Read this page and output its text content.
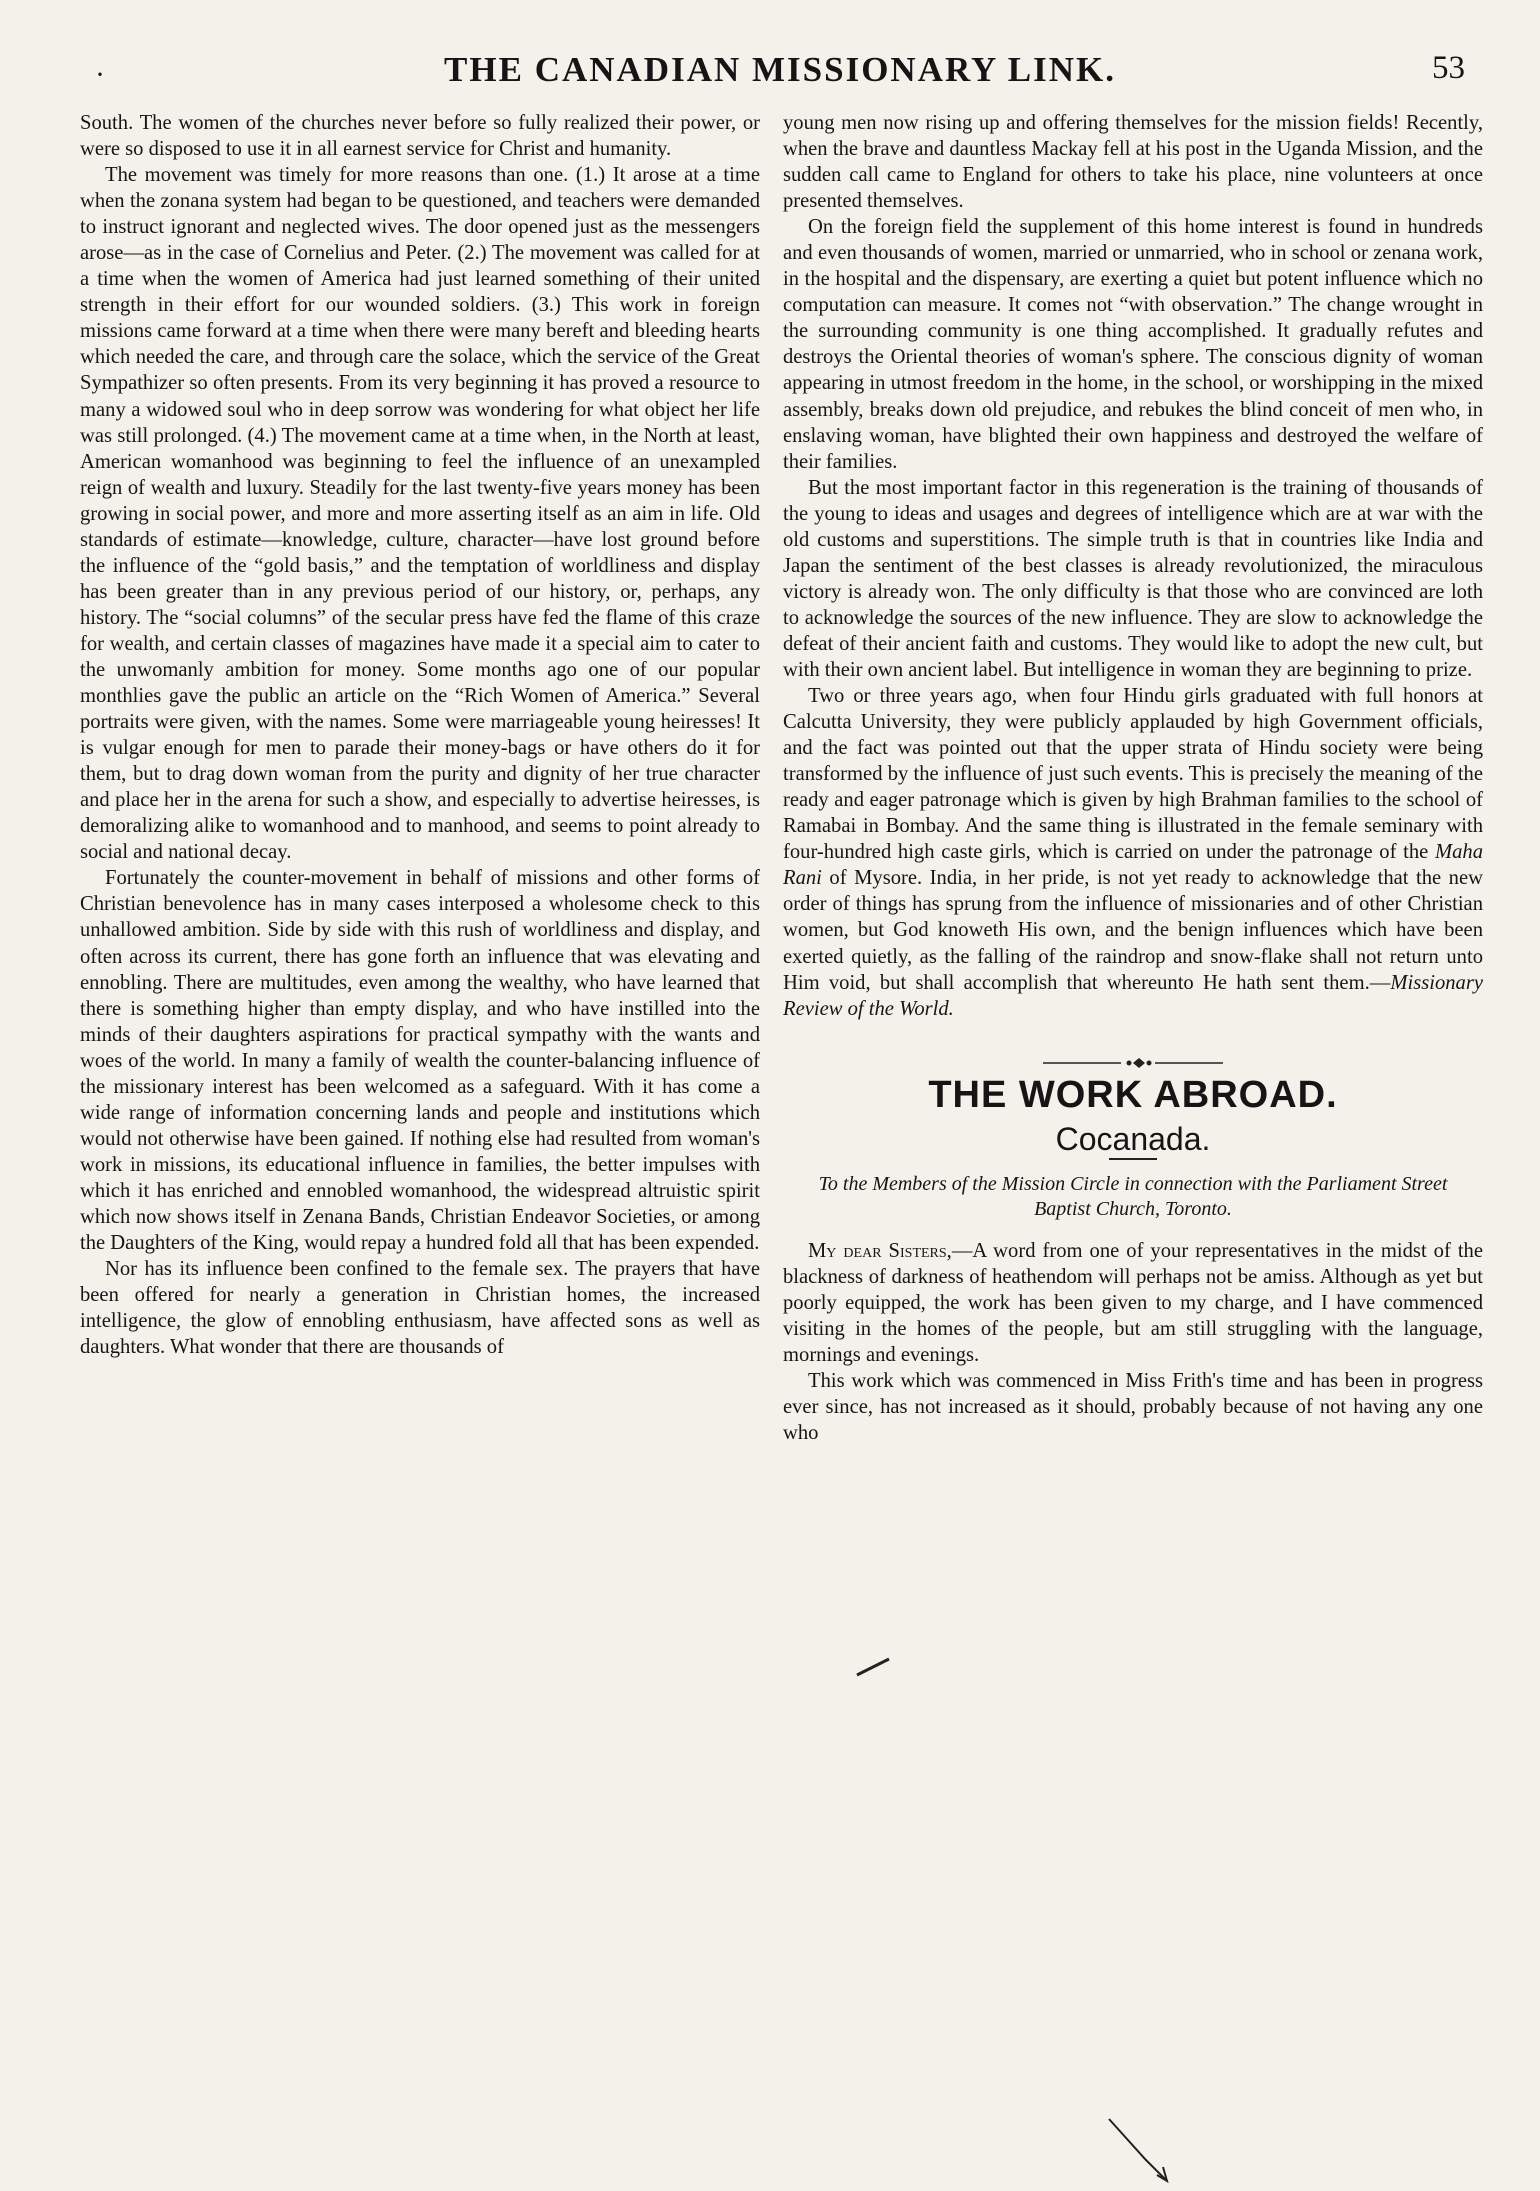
·	THE CANADIAN MISSIONARY LINK.	53

South. The women of the churches never before so fully realized their power, or were so disposed to use it in all earnest service for Christ and humanity.

The movement was timely for more reasons than one. (1.) It arose at a time when the zonana system had began to be questioned, and teachers were demanded to instruct ignorant and neglected wives. The door opened just as the messengers arose—as in the case of Cornelius and Peter. (2.) The movement was called for at a time when the women of America had just learned something of their united strength in their effort for our wounded soldiers. (3.) This work in foreign missions came forward at a time when there were many bereft and bleeding hearts which needed the care, and through care the solace, which the service of the Great Sympathizer so often presents. From its very beginning it has proved a resource to many a widowed soul who in deep sorrow was wondering for what object her life was still prolonged. (4.) The movement came at a time when, in the North at least, American womanhood was beginning to feel the influence of an unexampled reign of wealth and luxury. Steadily for the last twenty-five years money has been growing in social power, and more and more asserting itself as an aim in life. Old standards of estimate—knowledge, culture, character—have lost ground before the influence of the “gold basis,” and the temptation of worldliness and display has been greater than in any previous period of our history, or, perhaps, any history. The “social columns” of the secular press have fed the flame of this craze for wealth, and certain classes of magazines have made it a special aim to cater to the unwomanly ambition for money. Some months ago one of our popular monthlies gave the public an article on the “Rich Women of America.” Several portraits were given, with the names. Some were marriageable young heiresses! It is vulgar enough for men to parade their money-bags or have others do it for them, but to drag down woman from the purity and dignity of her true character and place her in the arena for such a show, and especially to advertise heiresses, is demoralizing alike to womanhood and to manhood, and seems to point already to social and national decay.

Fortunately the counter-movement in behalf of missions and other forms of Christian benevolence has in many cases interposed a wholesome check to this unhallowed ambition. Side by side with this rush of worldliness and display, and often across its current, there has gone forth an influence that was elevating and ennobling. There are multitudes, even among the wealthy, who have learned that there is something higher than empty display, and who have instilled into the minds of their daughters aspirations for practical sympathy with the wants and woes of the world. In many a family of wealth the counter-balancing influence of the missionary interest has been welcomed as a safeguard. With it has come a wide range of information concerning lands and people and institutions which would not otherwise have been gained. If nothing else had resulted from woman's work in missions, its educational influence in families, the better impulses with which it has enriched and ennobled womanhood, the widespread altruistic spirit which now shows itself in Zenana Bands, Christian Endeavor Societies, or among the Daughters of the King, would repay a hundred fold all that has been expended.

Nor has its influence been confined to the female sex. The prayers that have been offered for nearly a generation in Christian homes, the increased intelligence, the glow of ennobling enthusiasm, have affected sons as well as daughters. What wonder that there are thousands of

young men now rising up and offering themselves for the mission fields! Recently, when the brave and dauntless Mackay fell at his post in the Uganda Mission, and the sudden call came to England for others to take his place, nine volunteers at once presented themselves.

On the foreign field the supplement of this home interest is found in hundreds and even thousands of women, married or unmarried, who in school or zenana work, in the hospital and the dispensary, are exerting a quiet but potent influence which no computation can measure. It comes not “with observation.” The change wrought in the surrounding community is one thing accomplished. It gradually refutes and destroys the Oriental theories of woman's sphere. The conscious dignity of woman appearing in utmost freedom in the home, in the school, or worshipping in the mixed assembly, breaks down old prejudice, and rebukes the blind conceit of men who, in enslaving woman, have blighted their own happiness and destroyed the welfare of their families.

But the most important factor in this regeneration is the training of thousands of the young to ideas and usages and degrees of intelligence which are at war with the old customs and superstitions. The simple truth is that in countries like India and Japan the sentiment of the best classes is already revolutionized, the miraculous victory is already won. The only difficulty is that those who are convinced are loth to acknowledge the sources of the new influence. They are slow to acknowledge the defeat of their ancient faith and customs. They would like to adopt the new cult, but with their own ancient label. But intelligence in woman they are beginning to prize.

Two or three years ago, when four Hindu girls graduated with full honors at Calcutta University, they were publicly applauded by high Government officials, and the fact was pointed out that the upper strata of Hindu society were being transformed by the influence of just such events. This is precisely the meaning of the ready and eager patronage which is given by high Brahman families to the school of Ramabai in Bombay. And the same thing is illustrated in the female seminary with four-hundred high caste girls, which is carried on under the patronage of the Maha Rani of Mysore. India, in her pride, is not yet ready to acknowledge that the new order of things has sprung from the influence of missionaries and of other Christian women, but God knoweth His own, and the benign influences which have been exerted quietly, as the falling of the raindrop and snow-flake shall not return unto Him void, but shall accomplish that whereunto He hath sent them.—Missionary Review of the World.

THE WORK ABROAD.
Cocanada.
To the Members of the Mission Circle in connection with the Parliament Street Baptist Church, Toronto.

My dear Sisters,—A word from one of your representatives in the midst of the blackness of darkness of heathendom will perhaps not be amiss. Although as yet but poorly equipped, the work has been given to my charge, and I have commenced visiting in the homes of the people, but am still struggling with the language, mornings and evenings.

This work which was commenced in Miss Frith's time and has been in progress ever since, has not increased as it should, probably because of not having any one who
